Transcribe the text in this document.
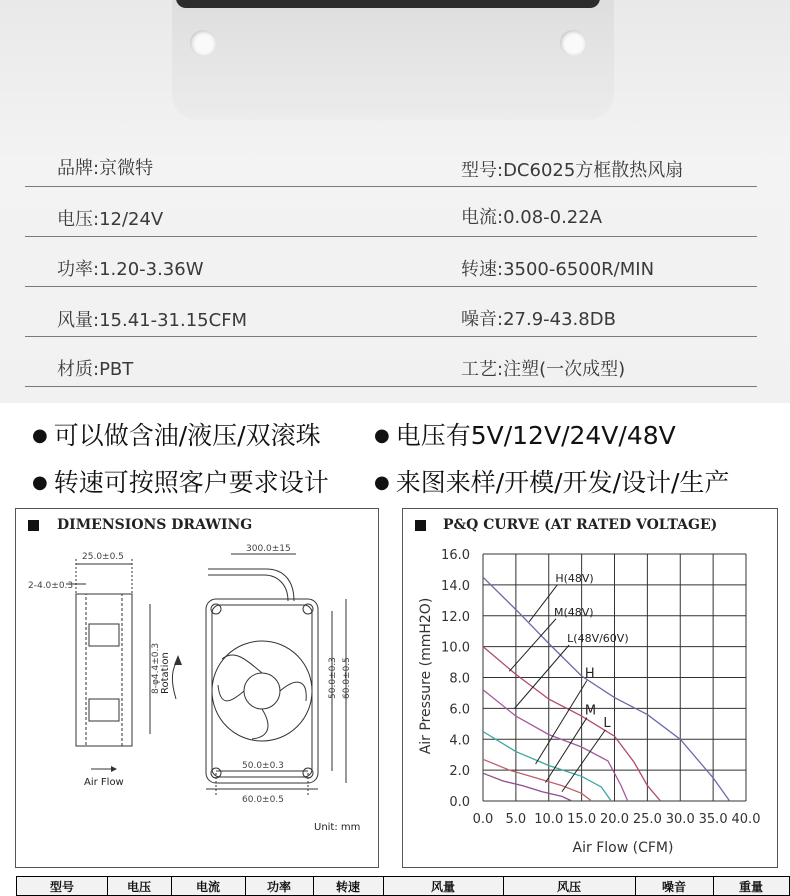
品牌:京微特	型号:DC6025方框散热风扇
电压:12/24V	电流:0.08-0.22A
功率:1.20-3.36W	转速:3500-6500R/MIN
风量:15.41-31.15CFM	噪音:27.9-43.8DB
材质:PBT	工艺:注塑(一次成型)
● 可以做含油/液压/双滚珠	● 电压有5V/12V/24V/48V
● 转速可按照客户要求设计	● 来图来样/开模/开发/设计/生产
DIMENSIONS DRAWING
25.0±0.5
2-4.0±0.3
300.0±15
8-φ4.4±0.3 Rotation	50.0±0.3 60.0±0.5
50.0±0.3
60.0±0.5
Air Flow
Unit: mm
P&Q CURVE (AT RATED VOLTAGE)
0.0 5.0 10.0 15.0 20.0 25.0 30.0 35.0 40.0
0.0
2.0
4.0
6.0
8.0
10.0
12.0
14.0
16.0
H(48V)
M(48V)
L(48V/60V)
H
M
L
Air Flow (CFM)
Air Pressure (mmH2O)
型号	电压	电流	功率	转速	风量	风压	噪音	重量
